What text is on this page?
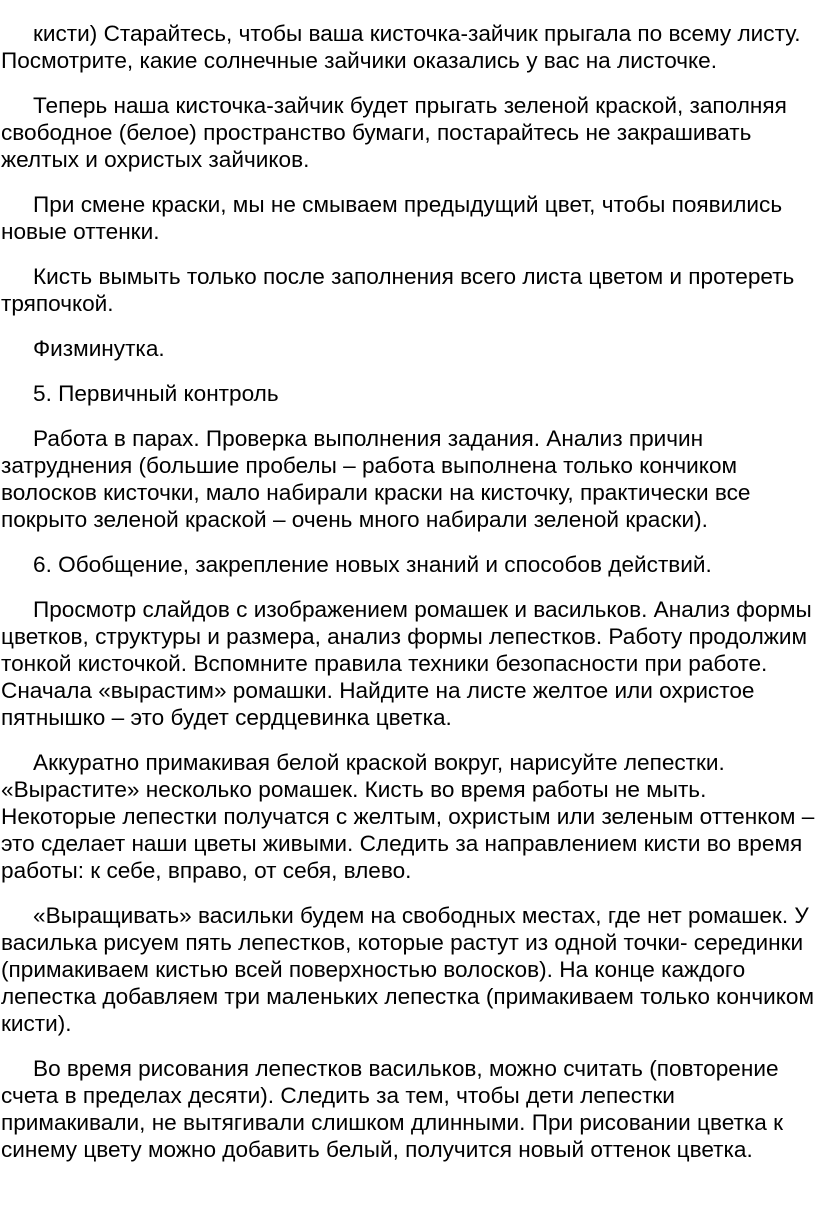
кисти) Старайтесь, чтобы ваша кисточка-зайчик прыгала по всему листу. Посмотрите, какие солнечные зайчики оказались у вас на листочке.

Теперь наша кисточка-зайчик будет прыгать зеленой краской, заполняя свободное (белое) пространство бумаги, постарайтесь не закрашивать желтых и охристых зайчиков.

При смене краски, мы не смываем предыдущий цвет, чтобы появились новые оттенки.

Кисть вымыть только после заполнения всего листа цветом и протереть тряпочкой.

Физминутка.

5. Первичный контроль

Работа в парах. Проверка выполнения задания. Анализ причин затруднения (большие пробелы – работа выполнена только кончиком волосков кисточки, мало набирали краски на кисточку, практически все покрыто зеленой краской – очень много набирали зеленой краски).

6. Обобщение, закрепление новых знаний и способов действий.

Просмотр слайдов с изображением ромашек и васильков. Анализ формы цветков, структуры и размера, анализ формы лепестков. Работу продолжим тонкой кисточкой. Вспомните правила техники безопасности при работе. Сначала «вырастим» ромашки. Найдите на листе желтое или охристое пятнышко – это будет сердцевинка цветка.

Аккуратно примакивая белой краской вокруг, нарисуйте лепестки. «Вырастите» несколько ромашек. Кисть во время работы не мыть. Некоторые лепестки получатся с желтым, охристым или зеленым оттенком – это сделает наши цветы живыми. Следить за направлением кисти во время работы: к себе, вправо, от себя, влево.

«Выращивать» васильки будем на свободных местах, где нет ромашек. У василька рисуем пять лепестков, которые растут из одной точки- серединки (примакиваем кистью всей поверхностью волосков). На конце каждого лепестка добавляем три маленьких лепестка (примакиваем только кончиком кисти).

Во время рисования лепестков васильков, можно считать (повторение счета в пределах десяти). Следить за тем, чтобы дети лепестки примакивали, не вытягивали слишком длинными. При рисовании цветка к синему цвету можно добавить белый, получится новый оттенок цветка.
